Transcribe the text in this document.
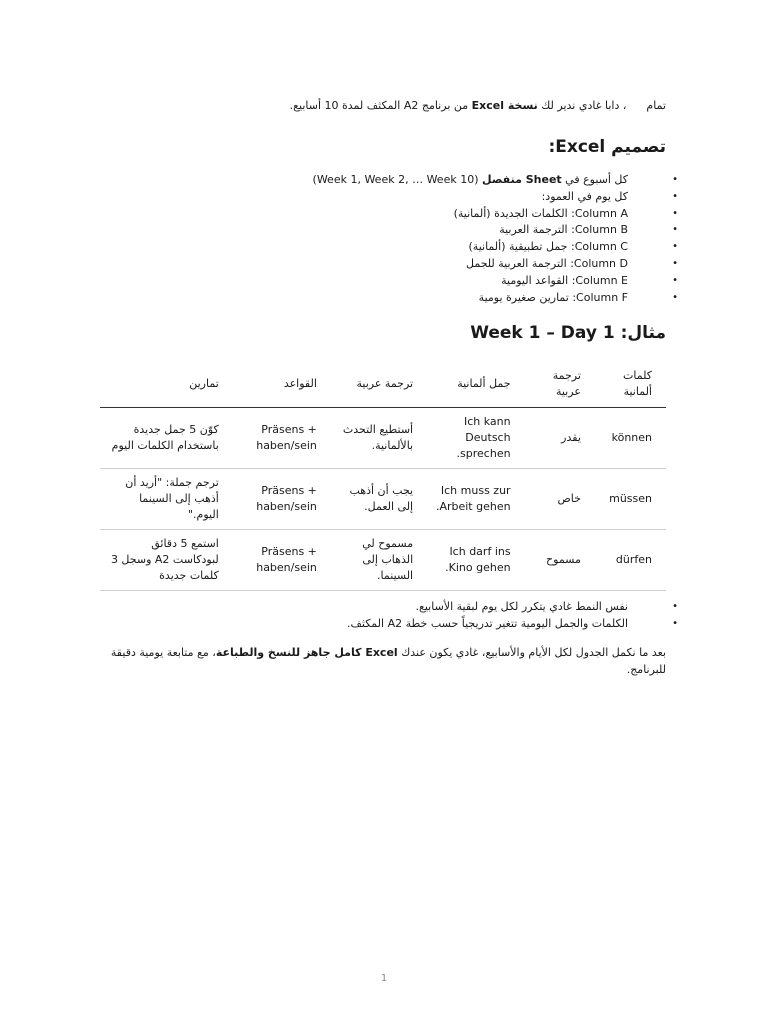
تمام، دابا غادي ندير لك نسخة Excel من برنامج A2 المكثف لمدة 10 أسابيع.

تصميم Excel:
• كل أسبوع في Sheet منفصل (Week 1, Week 2, … Week 10)
• كل يوم في العمود:
• Column A: الكلمات الجديدة (ألمانية)
• Column B: الترجمة العربية
• Column C: جمل تطبيقية (ألمانية)
• Column D: الترجمة العربية للجمل
• Column E: القواعد اليومية
• Column F: تمارين صغيرة يومية
مثال: Week 1 – Day 1
كلمات ألمانية	ترجمة عربية	جمل ألمانية	ترجمة عربية	القواعد	تمارين
können	يقدر	Ich kann Deutsch sprechen.	أستطيع التحدث بالألمانية.	Präsens + haben/sein	كوّن 5 جمل جديدة باستخدام الكلمات اليوم
müssen	خاص	Ich muss zur Arbeit gehen.	يجب أن أذهب إلى العمل.	Präsens + haben/sein	ترجم جملة: "أريد أن أذهب إلى السينما اليوم."
dürfen	مسموح	Ich darf ins Kino gehen.	مسموح لي الذهاب إلى السينما.	Präsens + haben/sein	استمع 5 دقائق لبودكاست A2 وسجل 3 كلمات جديدة
• نفس النمط غادي يتكرر لكل يوم لبقية الأسابيع.
• الكلمات والجمل اليومية تتغير تدريجياً حسب خطة A2 المكثف.

بعد ما نكمل الجدول لكل الأيام والأسابيع، غادي يكون عندك Excel كامل جاهز للنسخ والطباعة، مع متابعة يومية دقيقة للبرنامج.

1
